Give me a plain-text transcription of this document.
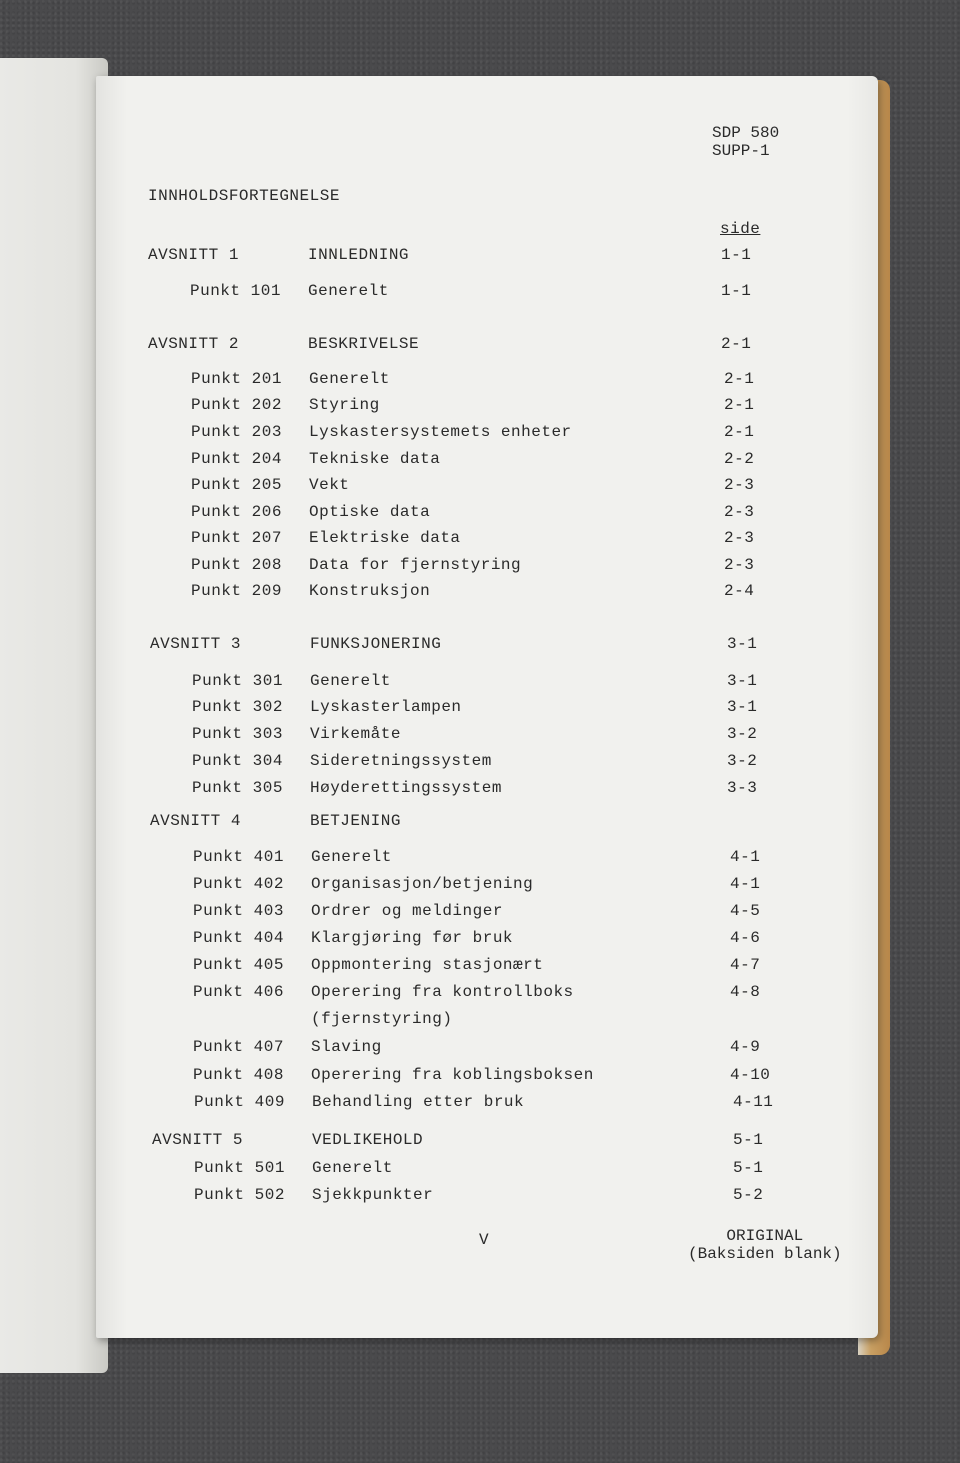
SDP 580
SUPP-1
INNHOLDSFORTEGNELSE
side
AVSNITT 1	INNLEDNING	1-1
Punkt 101 Generelt	1-1
AVSNITT 2	BESKRIVELSE	2-1
Punkt 201 Generelt	2-1
Punkt 202 Styring	2-1
Punkt 203 Lyskastersystemets enheter	2-1
Punkt 204 Tekniske data	2-2
Punkt 205 Vekt	2-3
Punkt 206 Optiske data	2-3
Punkt 207 Elektriske data	2-3
Punkt 208 Data for fjernstyring	2-3
Punkt 209 Konstruksjon	2-4
AVSNITT 3	FUNKSJONERING	3-1
Punkt 301 Generelt	3-1
Punkt 302 Lyskasterlampen	3-1
Punkt 303 Virkemåte	3-2
Punkt 304 Sideretningssystem	3-2
Punkt 305 Høyderettingssystem	3-3
AVSNITT 4	BETJENING
Punkt 401 Generelt	4-1
Punkt 402 Organisasjon/betjening	4-1
Punkt 403 Ordrer og meldinger	4-5
Punkt 404 Klargjøring før bruk	4-6
Punkt 405 Oppmontering stasjonært	4-7
Punkt 406 Operering fra kontrollboks	4-8
(fjernstyring)
Punkt 407 Slaving	4-9
Punkt 408 Operering fra koblingsboksen	4-10
Punkt 409 Behandling etter bruk	4-11
AVSNITT 5	VEDLIKEHOLD	5-1
Punkt 501 Generelt	5-1
Punkt 502 Sjekkpunkter	5-2
V	ORIGINAL
(Baksiden blank)
